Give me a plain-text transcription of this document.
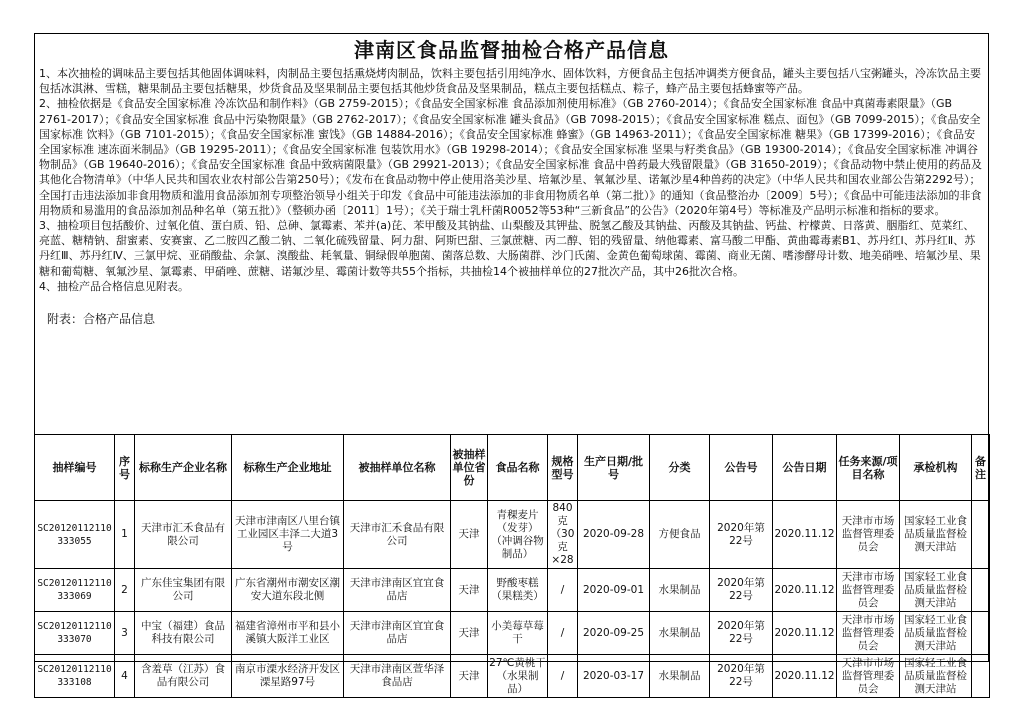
津南区食品监督抽检合格产品信息

1、本次抽检的调味品主要包括其他固体调味料，肉制品主要包括熏烧烤肉制品，饮料主要包括引用纯净水、固体饮料，方便食品主包括冲调类方便食品，罐头主要包括八宝粥罐头，冷冻饮品主要包括冰淇淋、雪糕，糖果制品主要包括糖果，炒货食品及坚果制品主要包括其他炒货食品及坚果制品，糕点主要包括糕点、粽子，蜂产品主要包括蜂蜜等产品。

2、抽检依据是《食品安全国家标准 冷冻饮品和制作料》（GB 2759-2015）；《食品安全国家标准 食品添加剂使用标准》（GB 2760-2014）；《食品安全国家标准 食品中真菌毒素限量》（GB 2761-2017）；《食品安全国家标准 食品中污染物限量》（GB 2762-2017）；《食品安全国家标准 罐头食品》（GB 7098-2015）；《食品安全国家标准 糕点、面包》（GB 7099-2015）；《食品安全国家标准 饮料》（GB 7101-2015）；《食品安全国家标准 蜜饯》（GB 14884-2016）；《食品安全国家标准 蜂蜜》（GB 14963-2011）；《食品安全国家标准 糖果》（GB 17399-2016）；《食品安全国家标准 速冻面米制品》（GB 19295-2011）；《食品安全国家标准 包装饮用水》（GB 19298-2014）；《食品安全国家标准 坚果与籽类食品》（GB 19300-2014）；《食品安全国家标准 冲调谷物制品》（GB 19640-2016）；《食品安全国家标准 食品中致病菌限量》（GB 29921-2013）；《食品安全国家标准 食品中兽药最大残留限量》（GB 31650-2019）；《食品动物中禁止使用的药品及其他化合物清单》（中华人民共和国农业农村部公告第250号）；《发布在食品动物中停止使用洛美沙星、培氟沙星、氧氟沙星、诺氟沙星4种兽药的决定》（中华人民共和国农业部公告第2292号）；全国打击违法添加非食用物质和滥用食品添加剂专项整治领导小组关于印发《食品中可能违法添加的非食用物质名单（第二批）》的通知（食品整治办〔2009〕5号）；《食品中可能违法添加的非食用物质和易滥用的食品添加剂品种名单（第五批）》（整顿办函〔2011〕1号）；《关于瑞士乳杆菌R0052等53种“三新食品”的公告》（2020年第4号）等标准及产品明示标准和指标的要求。

3、抽检项目包括酸价、过氧化值、蛋白质、铅、总砷、氯霉素、苯并(a)芘、苯甲酸及其钠盐、山梨酸及其钾盐、脱氢乙酸及其钠盐、丙酸及其钠盐、钙盐、柠檬黄、日落黄、胭脂红、苋菜红、亮蓝、糖精钠、甜蜜素、安赛蜜、乙二胺四乙酸二钠、二氧化硫残留量、阿力甜、阿斯巴甜、三氯蔗糖、丙二醇、铝的残留量、纳他霉素、富马酸二甲酯、黄曲霉毒素B1、苏丹红Ⅰ、苏丹红Ⅱ、苏丹红Ⅲ、苏丹红Ⅳ、三氯甲烷、亚硝酸盐、余氯、溴酸盐、耗氧量、铜绿假单胞菌、菌落总数、大肠菌群、沙门氏菌、金黄色葡萄球菌、霉菌、商业无菌、嗜渗酵母计数、地美硝唑、培氟沙星、果糖和葡萄糖、氧氟沙星、氯霉素、甲硝唑、蔗糖、诺氟沙星、霉菌计数等共55个指标，共抽检14个被抽样单位的27批次产品，其中26批次合格。

4、抽检产品合格信息见附表。

附表：合格产品信息
抽样编号	序号	标称生产企业名称	标称生产企业地址	被抽样单位名称	被抽样单位省份	食品名称	规格型号	生产日期/批号	分类	公告号	公告日期	任务来源/项目名称	承检机构	备注
SC20120112110333055	1	天津市汇禾食品有限公司	天津市津南区八里台镇工业园区丰泽二大道3号	天津市汇禾食品有限公司	天津	青稞麦片（发芽）（冲调谷物制品）	840克（30克×28	2020-09-28	方便食品	2020年第22号	2020.11.12	天津市市场监督管理委员会	国家轻工业食品质量监督检测天津站	
SC20120112110333069	2	广东佳宝集团有限公司	广东省潮州市潮安区潮安大道东段北侧	天津市津南区宜宜食品店	天津	野酸枣糕（果糕类）	/	2020-09-01	水果制品	2020年第22号	2020.11.12	天津市市场监督管理委员会	国家轻工业食品质量监督检测天津站	
SC20120112110333070	3	中宝（福建）食品科技有限公司	福建省漳州市平和县小溪镇大阪洋工业区	天津市津南区宜宜食品店	天津	小美莓草莓干	/	2020-09-25	水果制品	2020年第22号	2020.11.12	天津市市场监督管理委员会	国家轻工业食品质量监督检测天津站	
SC20120112110333108	4	含羞草（江苏）食品有限公司	南京市溧水经济开发区溧星路97号	天津市津南区萱华泽食品店	天津	27℃黄桃干（水果制品）	/	2020-03-17	水果制品	2020年第22号	2020.11.12	天津市市场监督管理委员会	国家轻工业食品质量监督检测天津站	
